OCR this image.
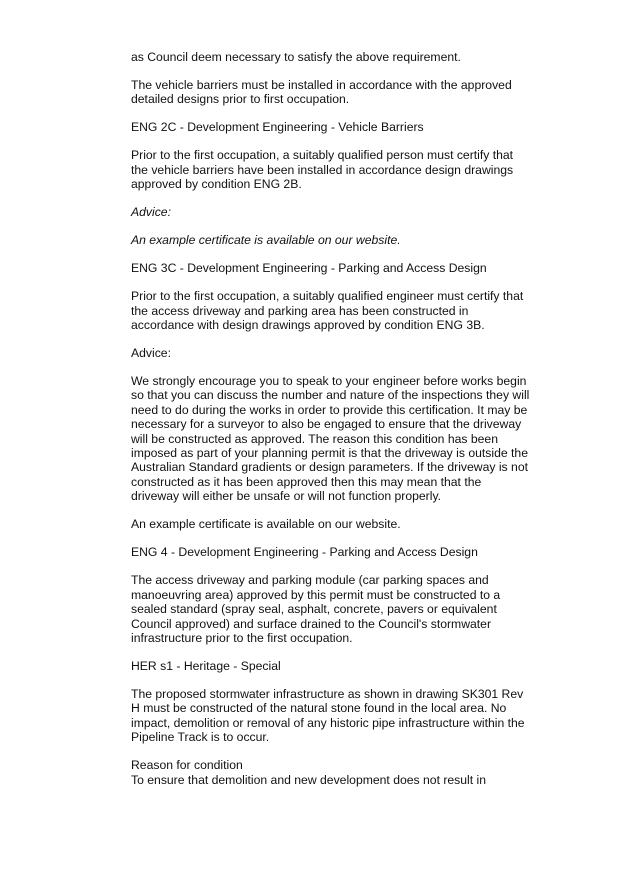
as Council deem necessary to satisfy the above requirement.

The vehicle barriers must be installed in accordance with the approved detailed designs prior to first occupation.

ENG 2C - Development Engineering - Vehicle Barriers

Prior to the first occupation, a suitably qualified person must certify that the vehicle barriers have been installed in accordance design drawings approved by condition ENG 2B.

Advice:

An example certificate is available on our website.

ENG 3C - Development Engineering - Parking and Access Design

Prior to the first occupation, a suitably qualified engineer must certify that the access driveway and parking area has been constructed in accordance with design drawings approved by condition ENG 3B.

Advice:

We strongly encourage you to speak to your engineer before works begin so that you can discuss the number and nature of the inspections they will need to do during the works in order to provide this certification. It may be necessary for a surveyor to also be engaged to ensure that the driveway will be constructed as approved. The reason this condition has been imposed as part of your planning permit is that the driveway is outside the Australian Standard gradients or design parameters. If the driveway is not constructed as it has been approved then this may mean that the driveway will either be unsafe or will not function properly.

An example certificate is available on our website.

ENG 4 - Development Engineering - Parking and Access Design

The access driveway and parking module (car parking spaces and manoeuvring area) approved by this permit must be constructed to a sealed standard (spray seal, asphalt, concrete, pavers or equivalent Council approved) and surface drained to the Council's stormwater infrastructure prior to the first occupation.

HER s1 - Heritage - Special

The proposed stormwater infrastructure as shown in drawing SK301 Rev H must be constructed of the natural stone found in the local area. No impact, demolition or removal of any historic pipe infrastructure within the Pipeline Track is to occur.

Reason for condition

To ensure that demolition and new development does not result in
